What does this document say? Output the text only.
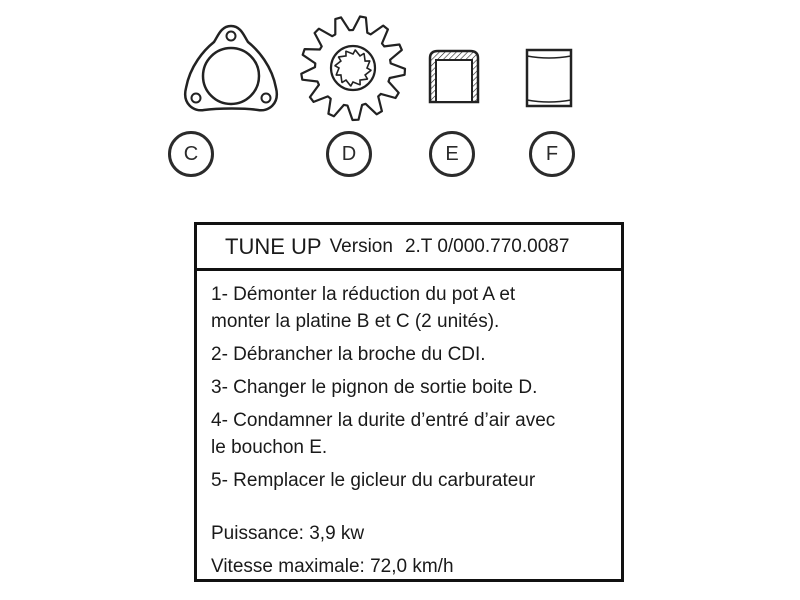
C	D	E	F
TUNE UP Version 2.T 0/000.770.0087
1- Démonter la réduction du pot A et
monter la platine B et C (2 unités).
2- Débrancher la broche du CDI.
3- Changer le pignon de sortie boite D.
4- Condamner la durite d’entré d’air avec
le bouchon E.
5- Remplacer le gicleur du carburateur
Puissance: 3,9 kw
Vitesse maximale: 72,0 km/h
